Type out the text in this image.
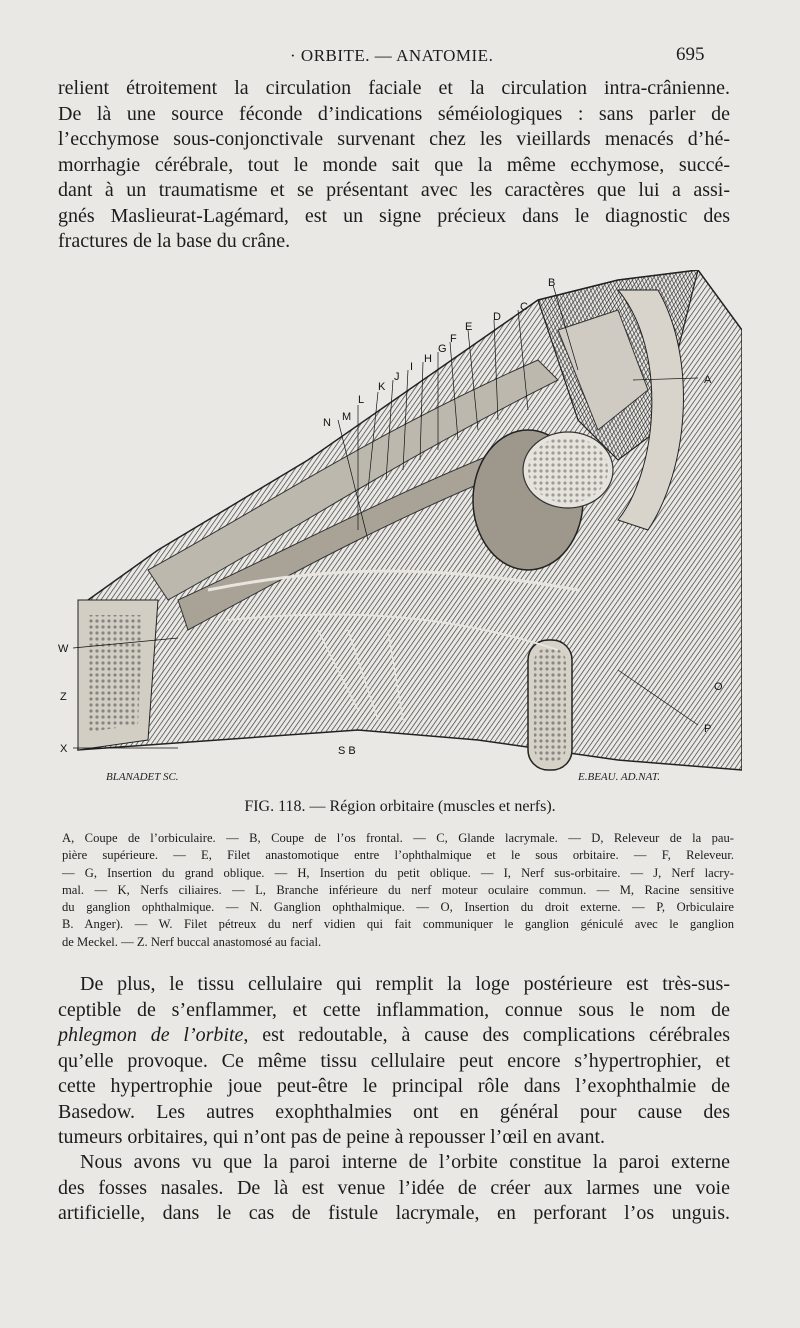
· ORBITE. — ANATOMIE.	695
relient étroitement la circulation faciale et la circulation intra-crânienne.
De là une source féconde d’indications séméiologiques : sans parler de
l’ecchymose sous-conjonctivale survenant chez les vieillards menacés d’hé-
morrhagie cérébrale, tout le monde sait que la même ecchymose, succé-
dant à un traumatisme et se présentant avec les caractères que lui a assi-
gnés Maslieurat-Lagémard, est un signe précieux dans le diagnostic des
fractures de la base du crâne.
B
A
C
D
E
F
G
H
I
J
K
L
M
N
O
P
S B
W
X
Z
BLANADET SC.	E.BEAU. AD.NAT.
FIG. 118. — Région orbitaire (muscles et nerfs).
A, Coupe de l’orbiculaire. — B, Coupe de l’os frontal. — C, Glande lacrymale. — D, Releveur de la pau-
pière supérieure. — E, Filet anastomotique entre l’ophthalmique et le sous orbitaire. — F, Releveur.
— G, Insertion du grand oblique. — H, Insertion du petit oblique. — I, Nerf sus-orbitaire. — J, Nerf lacry-
mal. — K, Nerfs ciliaires. — L, Branche inférieure du nerf moteur oculaire commun. — M, Racine sensitive
du ganglion ophthalmique. — N. Ganglion ophthalmique. — O, Insertion du droit externe. — P, Orbiculaire
B. Anger). — W. Filet pétreux du nerf vidien qui fait communiquer le ganglion géniculé avec le ganglion
de Meckel. — Z. Nerf buccal anastomosé au facial.
De plus, le tissu cellulaire qui remplit la loge postérieure est très-sus-
ceptible de s’enflammer, et cette inflammation, connue sous le nom de
phlegmon de l’orbite, est redoutable, à cause des complications cérébrales
qu’elle provoque. Ce même tissu cellulaire peut encore s’hypertrophier, et
cette hypertrophie joue peut-être le principal rôle dans l’exophthalmie de
Basedow. Les autres exophthalmies ont en général pour cause des
tumeurs orbitaires, qui n’ont pas de peine à repousser l’œil en avant.
Nous avons vu que la paroi interne de l’orbite constitue la paroi externe
des fosses nasales. De là est venue l’idée de créer aux larmes une voie
artificielle, dans le cas de fistule lacrymale, en perforant l’os unguis.
